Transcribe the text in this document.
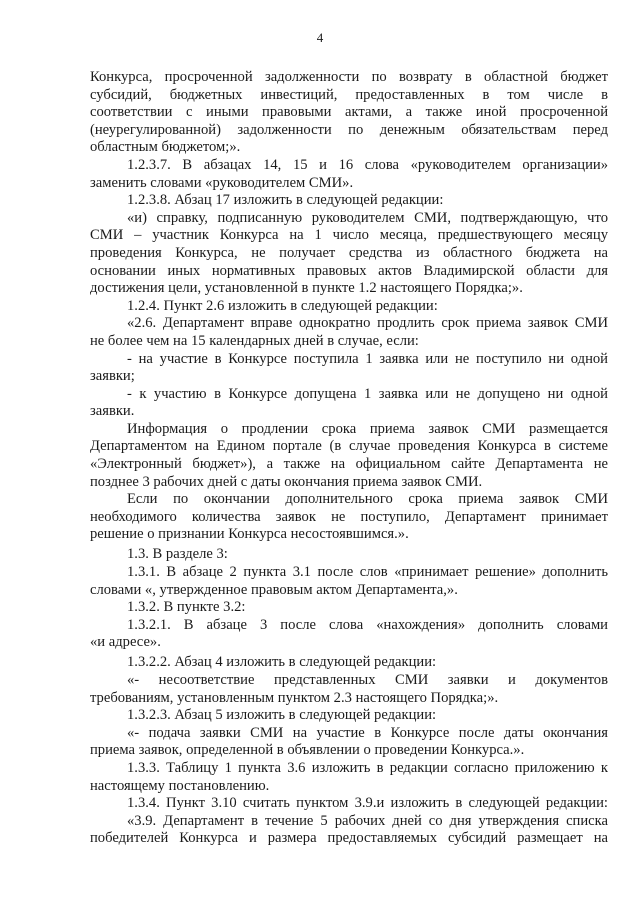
4
Конкурса, просроченной задолженности по возврату в областной бюджет
субсидий, бюджетных инвестиций, предоставленных в том числе в
соответствии с иными правовыми актами, а также иной просроченной
(неурегулированной) задолженности по денежным обязательствам перед
областным бюджетом;».
1.2.3.7. В абзацах 14, 15 и 16 слова «руководителем организации»
заменить словами «руководителем СМИ».
1.2.3.8. Абзац 17 изложить в следующей редакции:
«и) справку, подписанную руководителем СМИ, подтверждающую, что
СМИ – участник Конкурса на 1 число месяца, предшествующего месяцу
проведения Конкурса, не получает средства из областного бюджета на
основании иных нормативных правовых актов Владимирской области для
достижения цели, установленной в пункте 1.2 настоящего Порядка;».
1.2.4. Пункт 2.6 изложить в следующей редакции:
«2.6. Департамент вправе однократно продлить срок приема заявок СМИ
не более чем на 15 календарных дней в случае, если:
- на участие в Конкурсе поступила 1 заявка или не поступило ни одной
заявки;
- к участию в Конкурсе допущена 1 заявка или не допущено ни одной
заявки.
Информация о продлении срока приема заявок СМИ размещается
Департаментом на Едином портале (в случае проведения Конкурса в системе
«Электронный бюджет»), а также на официальном сайте Департамента не
позднее 3 рабочих дней с даты окончания приема заявок СМИ.
Если по окончании дополнительного срока приема заявок СМИ
необходимого количества заявок не поступило, Департамент принимает
решение о признании Конкурса несостоявшимся.».
1.3. В разделе 3:
1.3.1. В абзаце 2 пункта 3.1 после слов «принимает решение» дополнить
словами «, утвержденное правовым актом Департамента,».
1.3.2. В пункте 3.2:
1.3.2.1. В абзаце 3 после слова «нахождения» дополнить словами
«и адресе».
1.3.2.2. Абзац 4 изложить в следующей редакции:
«- несоответствие представленных СМИ заявки и документов
требованиям, установленным пунктом 2.3 настоящего Порядка;».
1.3.2.3. Абзац 5 изложить в следующей редакции:
«- подача заявки СМИ на участие в Конкурсе после даты окончания
приема заявок, определенной в объявлении о проведении Конкурса.».
1.3.3. Таблицу 1 пункта 3.6 изложить в редакции согласно приложению к
настоящему постановлению.
1.3.4. Пункт 3.10 считать пунктом 3.9.и изложить в следующей редакции:
«3.9. Департамент в течение 5 рабочих дней со дня утверждения списка
победителей Конкурса и размера предоставляемых субсидий размещает на
